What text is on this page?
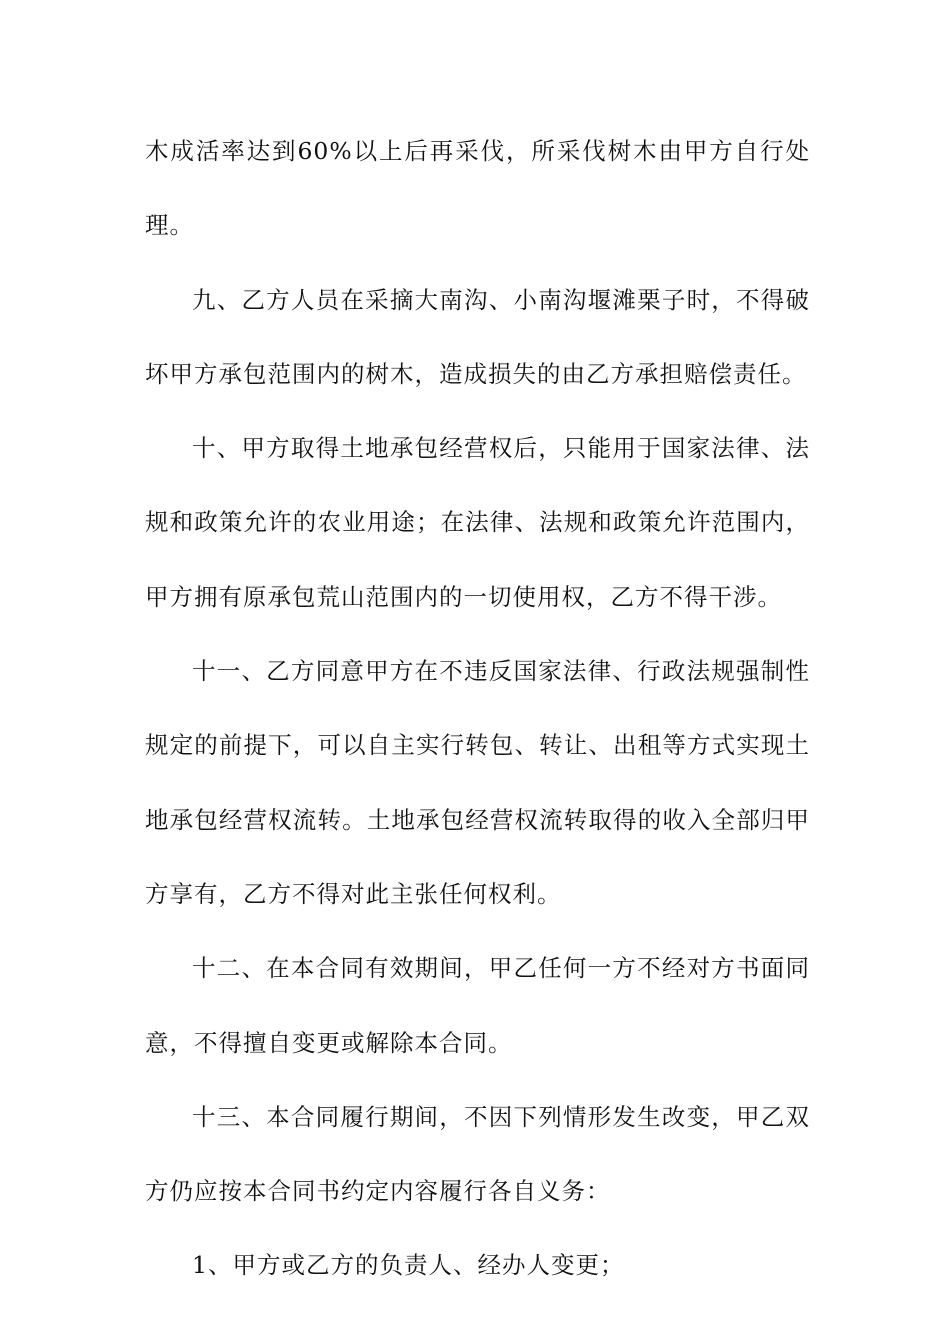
木成活率达到60%以上后再采伐，所采伐树木由甲方自行处理。

九、乙方人员在采摘大南沟、小南沟堰滩栗子时，不得破坏甲方承包范围内的树木，造成损失的由乙方承担赔偿责任。

十、甲方取得土地承包经营权后，只能用于国家法律、法规和政策允许的农业用途；在法律、法规和政策允许范围内，甲方拥有原承包荒山范围内的一切使用权，乙方不得干涉。

十一、乙方同意甲方在不违反国家法律、行政法规强制性规定的前提下，可以自主实行转包、转让、出租等方式实现土地承包经营权流转。土地承包经营权流转取得的收入全部归甲方享有，乙方不得对此主张任何权利。

十二、在本合同有效期间，甲乙任何一方不经对方书面同意，不得擅自变更或解除本合同。

十三、本合同履行期间，不因下列情形发生改变，甲乙双方仍应按本合同书约定内容履行各自义务：

1、甲方或乙方的负责人、经办人变更；
